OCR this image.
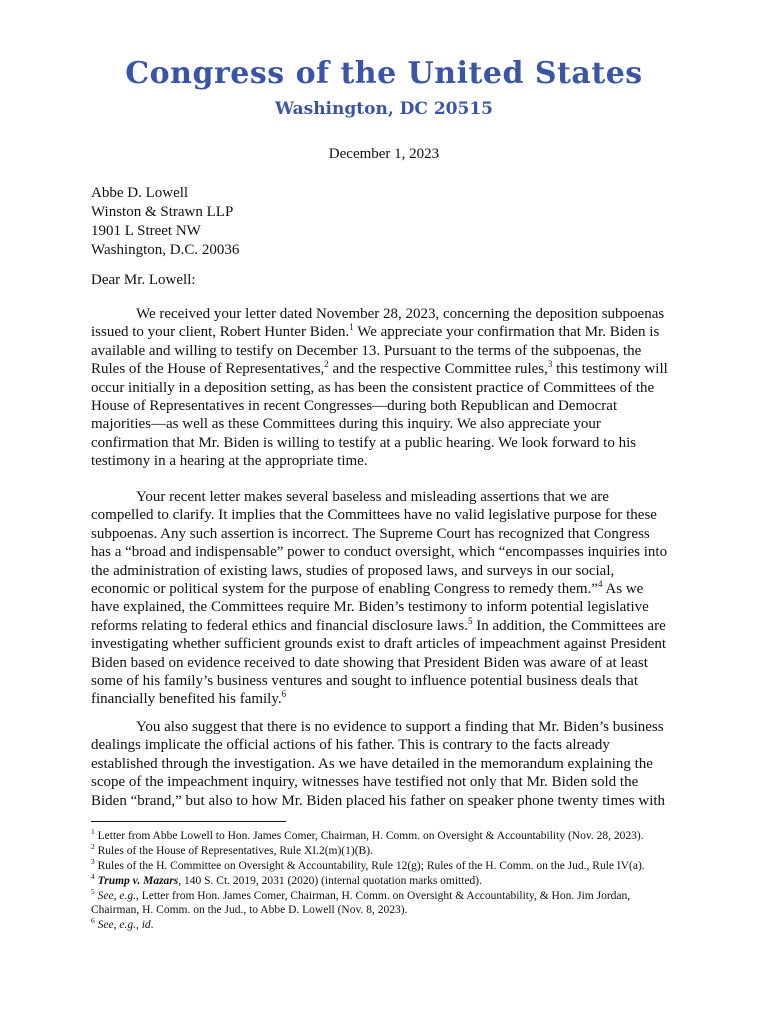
Congress of the United States
Washington, DC 20515
December 1, 2023
Abbe D. Lowell
Winston & Strawn LLP
1901 L Street NW
Washington, D.C. 20036
Dear Mr. Lowell:

We received your letter dated November 28, 2023, concerning the deposition subpoenas issued to your client, Robert Hunter Biden.$^1$ We appreciate your confirmation that Mr. Biden is available and willing to testify on December 13. Pursuant to the terms of the subpoenas, the Rules of the House of Representatives,$^2$ and the respective Committee rules,$^3$ this testimony will occur initially in a deposition setting, as has been the consistent practice of Committees of the House of Representatives in recent Congresses—during both Republican and Democrat majorities—as well as these Committees during this inquiry. We also appreciate your confirmation that Mr. Biden is willing to testify at a public hearing. We look forward to his testimony in a hearing at the appropriate time.

Your recent letter makes several baseless and misleading assertions that we are compelled to clarify. It implies that the Committees have no valid legislative purpose for these subpoenas. Any such assertion is incorrect. The Supreme Court has recognized that Congress has a “broad and indispensable” power to conduct oversight, which “encompasses inquiries into the administration of existing laws, studies of proposed laws, and surveys in our social, economic or political system for the purpose of enabling Congress to remedy them.”$^4$ As we have explained, the Committees require Mr. Biden’s testimony to inform potential legislative reforms relating to federal ethics and financial disclosure laws.$^5$ In addition, the Committees are investigating whether sufficient grounds exist to draft articles of impeachment against President Biden based on evidence received to date showing that President Biden was aware of at least some of his family’s business ventures and sought to influence potential business deals that financially benefited his family.$^6$

You also suggest that there is no evidence to support a finding that Mr. Biden’s business dealings implicate the official actions of his father. This is contrary to the facts already established through the investigation. As we have detailed in the memorandum explaining the scope of the impeachment inquiry, witnesses have testified not only that Mr. Biden sold the Biden “brand,” but also to how Mr. Biden placed his father on speaker phone twenty times with

$^1$ Letter from Abbe Lowell to Hon. James Comer, Chairman, H. Comm. on Oversight & Accountability (Nov. 28, 2023).

$^2$ Rules of the House of Representatives, Rule XI.2(m)(1)(B).

$^3$ Rules of the H. Committee on Oversight & Accountability, Rule 12(g); Rules of the H. Comm. on the Jud., Rule IV(a).

$^4$ Trump v. Mazars, 140 S. Ct. 2019, 2031 (2020) (internal quotation marks omitted).

$^5$ See, e.g., Letter from Hon. James Comer, Chairman, H. Comm. on Oversight & Accountability, & Hon. Jim Jordan, Chairman, H. Comm. on the Jud., to Abbe D. Lowell (Nov. 8, 2023).

$^6$ See, e.g., id.
